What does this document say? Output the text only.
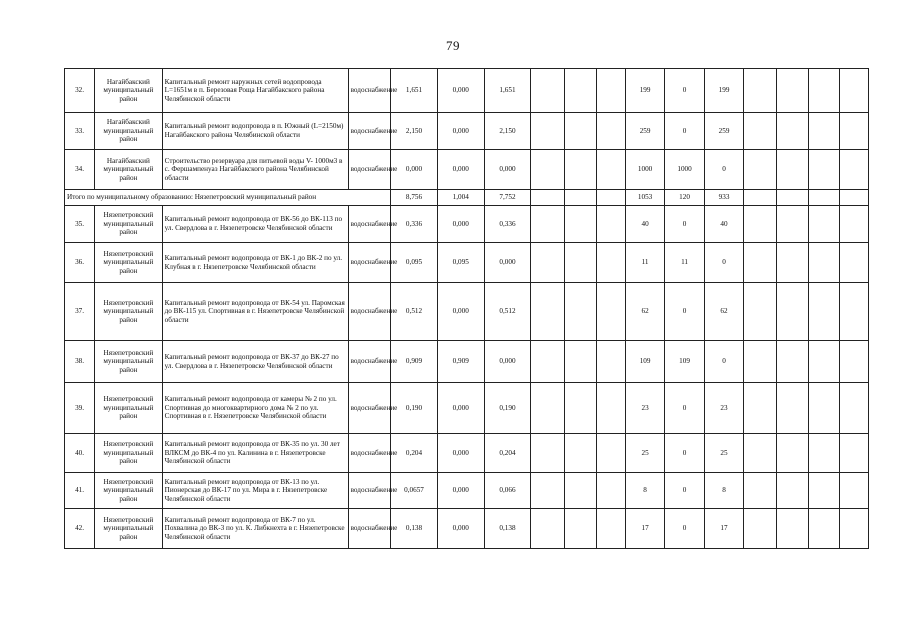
79
32.	Нагайбакский муниципальный район	Капитальный ремонт наружных сетей водопровода L=1651м в п. Березовая Роща Нагайбакского района Челябинской области	водоснабжение	1,651	0,000	1,651				199	0	199				
33.	Нагайбакский муниципальный район	Капитальный ремонт водопровода в п. Южный (L=2150м) Нагайбакского района Челябинской области	водоснабжение	2,150	0,000	2,150				259	0	259				
34.	Нагайбакский муниципальный район	Строительство резервуара для питьевой воды V- 1000м3 в с. Фершампенуаз Нагайбакского района Челябинской области	водоснабжение	0,000	0,000	0,000				1000	1000	0				
Итого по муниципальному образованию: Нязепетровский муниципальный район				8,756	1,004	7,752				1053	120	933				
35.	Нязепетровский муниципальный район	Капитальный ремонт водопровода от ВК-56 до ВК-113 по ул. Свердлова в г. Нязепетровске Челябинской области	водоснабжение	0,336	0,000	0,336				40	0	40				
36.	Нязепетровский муниципальный район	Капитальный ремонт водопровода от ВК-1 до ВК-2 по ул. Клубная в г. Нязепетровске Челябинской области	водоснабжение	0,095	0,095	0,000				11	11	0				
37.	Нязепетровский муниципальный район	Капитальный ремонт водопровода от ВК-54 ул. Паромская до ВК-115 ул. Спортивная в г. Нязепетровске Челябинской области	водоснабжение	0,512	0,000	0,512				62	0	62				
38.	Нязепетровский муниципальный район	Капитальный ремонт водопровода от ВК-37 до ВК-27 по ул. Свердлова в г. Нязепетровске Челябинской области	водоснабжение	0,909	0,909	0,000				109	109	0				
39.	Нязепетровский муниципальный район	Капитальный ремонт водопровода от камеры № 2 по ул. Спортивная до многоквартирного дома № 2 по ул. Спортивная в г. Нязепетровске Челябинской области	водоснабжение	0,190	0,000	0,190				23	0	23				
40.	Нязепетровский муниципальный район	Капитальный ремонт водопровода от ВК-35 по ул. 30 лет ВЛКСМ до ВК-4 по ул. Калинина в г. Нязепетровске Челябинской области	водоснабжение	0,204	0,000	0,204				25	0	25				
41.	Нязепетровский муниципальный район	Капитальный ремонт водопровода от ВК-13 по ул. Пионерская до ВК-17 по ул. Мира в г. Нязепетровске Челябинской области	водоснабжение	0,0657	0,000	0,066				8	0	8				
42.	Нязепетровский муниципальный район	Капитальный ремонт водопровода от ВК-7 по ул. Похвалина до ВК-3 по ул. К. Либкнехта в г. Нязепетровске Челябинской области	водоснабжение	0,138	0,000	0,138				17	0	17				
